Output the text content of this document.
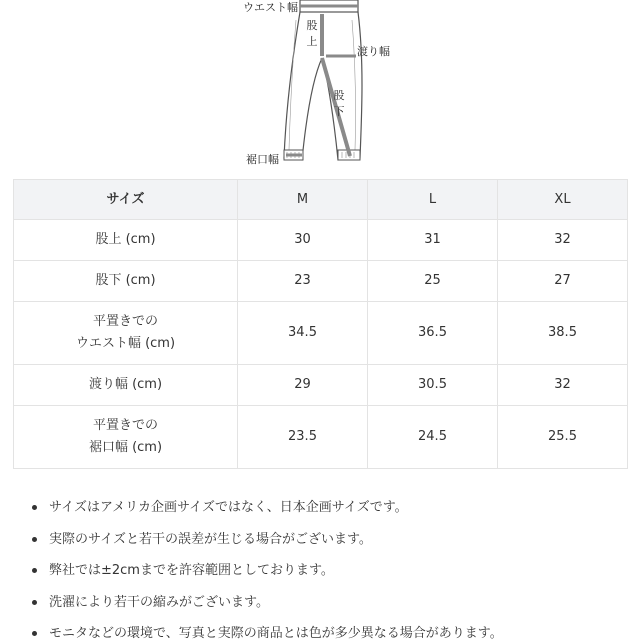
ウエスト幅
股上
渡り幅
股下
裾口幅
サイズ	M	L	XL
股上 (cm)	30	31	32
股下 (cm)	23	25	27

平置きでの
ウエスト幅 (cm)	34.5	36.5	38.5
渡り幅 (cm)	29	30.5	32

平置きでの
裾口幅 (cm)	23.5	24.5	25.5
サイズはアメリカ企画サイズではなく、日本企画サイズです。
実際のサイズと若干の誤差が生じる場合がございます。
弊社では±2cmまでを許容範囲としております。
洗濯により若干の縮みがございます。
モニタなどの環境で、写真と実際の商品とは色が多少異なる場合があります。
